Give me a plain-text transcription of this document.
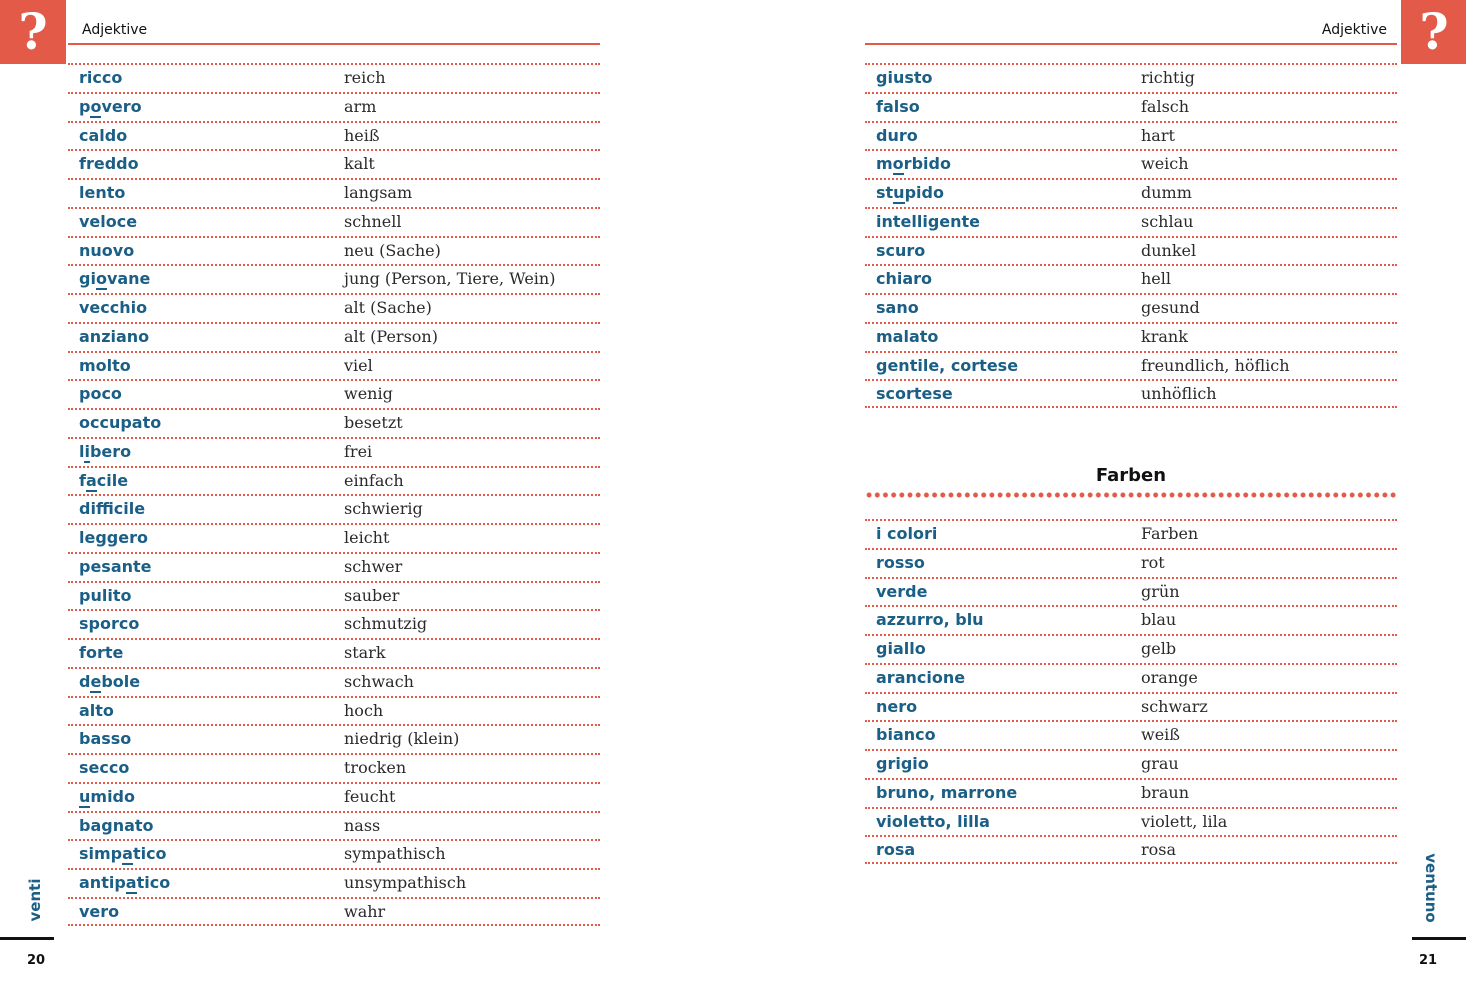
? Adjektive
ricco	reich
povero	arm
caldo	heiß
freddo	kalt
lento	langsam
veloce	schnell
nuovo	neu (Sache)
giovane	jung (Person, Tiere, Wein)
vecchio	alt (Sache)
anziano	alt (Person)
molto	viel
poco	wenig
occupato	besetzt
libero	frei
facile	einfach
difficile	schwierig
leggero	leicht
pesante	schwer
pulito	sauber
sporco	schmutzig
forte	stark
debole	schwach
alto	hoch
basso	niedrig (klein)
secco	trocken
umido	feucht
bagnato	nass
simpatico	sympathisch
antipatico	unsympathisch
vero	wahr
venti
20
?
Adjektive
giusto	richtig
falso	falsch
duro	hart
morbido	weich
stupido	dumm
intelligente	schlau
scuro	dunkel
chiaro	hell
sano	gesund
malato	krank
gentile, cortese	freundlich, höflich
scortese	unhöflich
Farben
i colori	Farben
rosso	rot
verde	grün
azzurro, blu	blau
giallo	gelb
arancione	orange
nero	schwarz
bianco	weiß
grigio	grau
bruno, marrone	braun
violetto, lilla	violett, lila
rosa	rosa
ventuno
21
